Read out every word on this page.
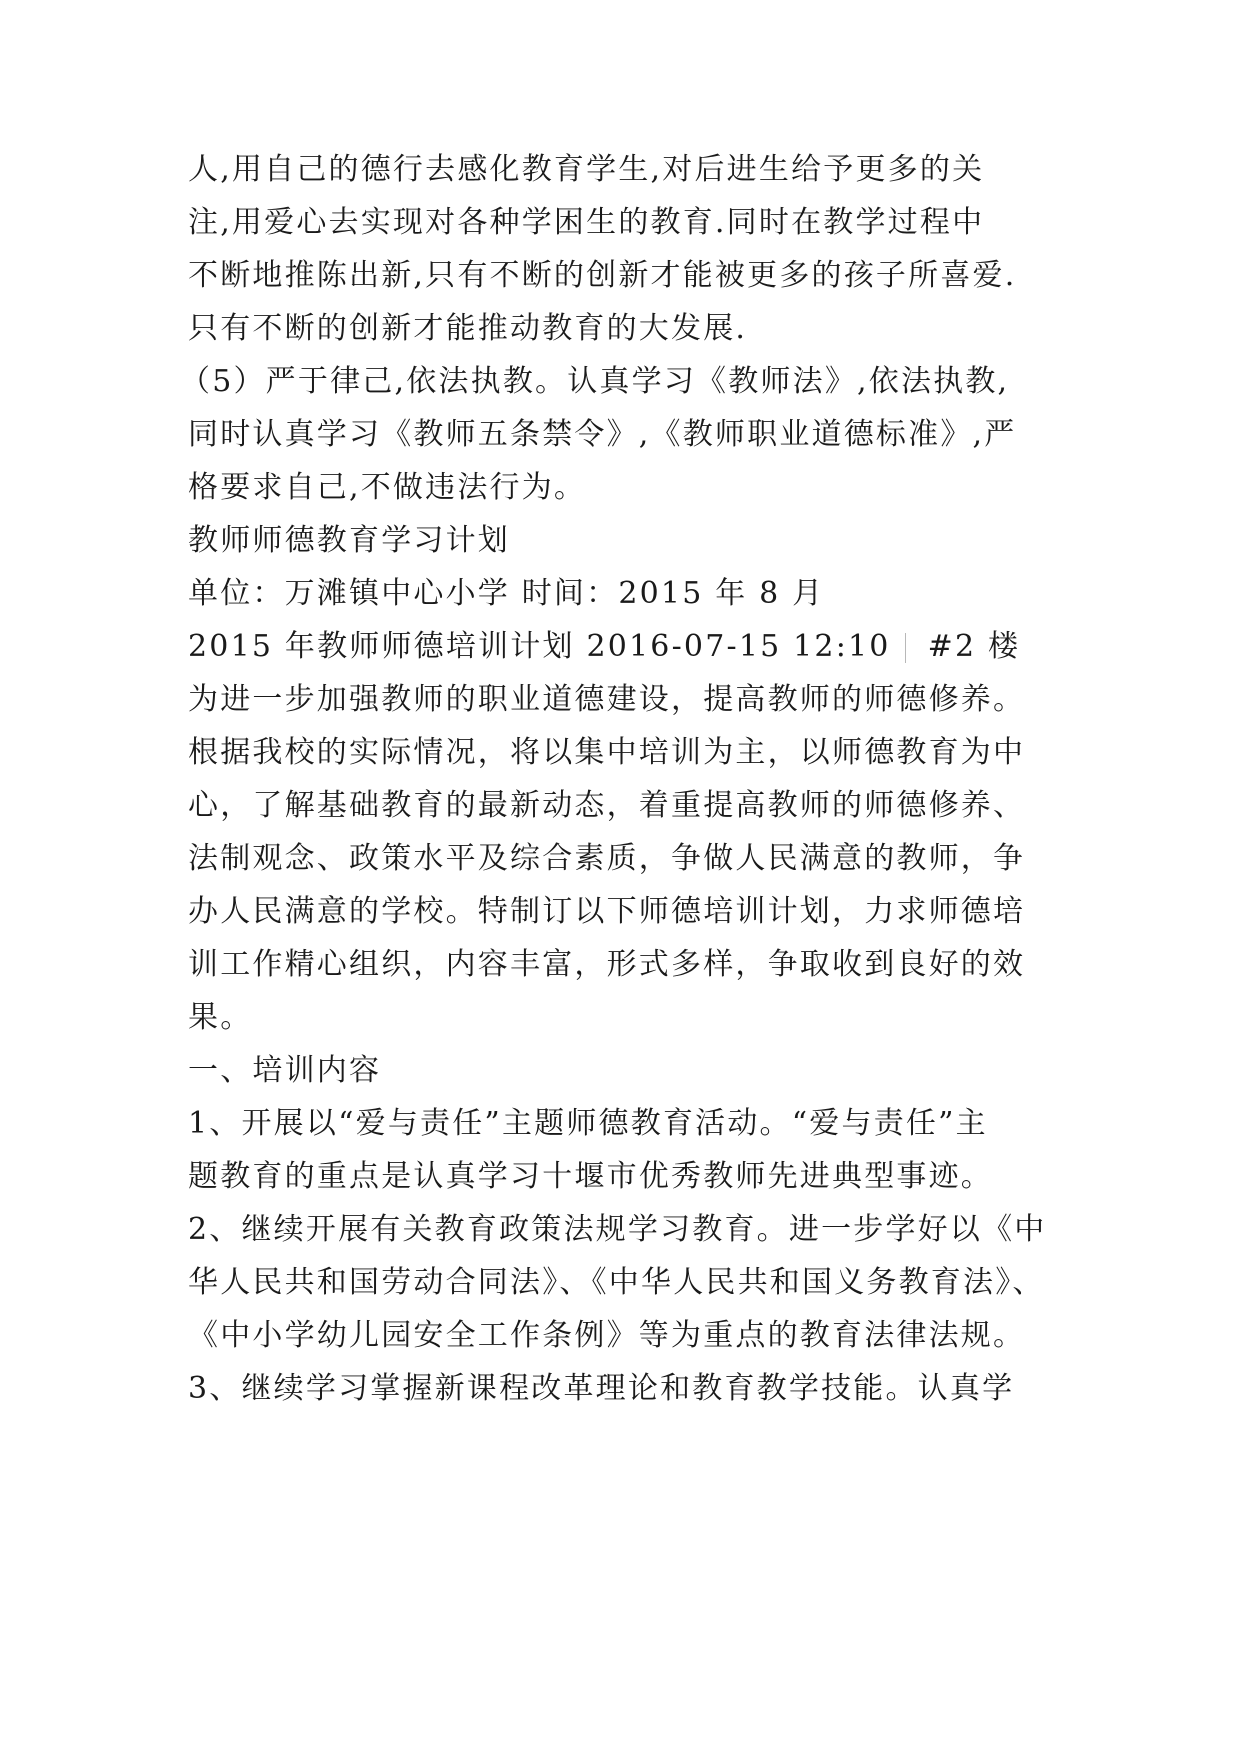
人,用自己的德行去感化教育学生,对后进生给予更多的关
注,用爱心去实现对各种学困生的教育.同时在教学过程中
不断地推陈出新,只有不断的创新才能被更多的孩子所喜爱.
只有不断的创新才能推动教育的大发展.
（5）严于律己,依法执教。认真学习《教师法》,依法执教,
同时认真学习《教师五条禁令》,《教师职业道德标准》,严
格要求自己,不做违法行为。
教师师德教育学习计划
单位：万滩镇中心小学 时间：2015 年 8 月
2015 年教师师德培训计划 2016-07-15 12:10 #2 楼
为进一步加强教师的职业道德建设，提高教师的师德修养。
根据我校的实际情况，将以集中培训为主，以师德教育为中
心，了解基础教育的最新动态，着重提高教师的师德修养、
法制观念、政策水平及综合素质，争做人民满意的教师，争
办人民满意的学校。特制订以下师德培训计划，力求师德培
训工作精心组织，内容丰富，形式多样，争取收到良好的效
果。
一、培训内容
1、开展以“爱与责任”主题师德教育活动。“爱与责任”主
题教育的重点是认真学习十堰市优秀教师先进典型事迹。
2、继续开展有关教育政策法规学习教育。进一步学好以《中
华人民共和国劳动合同法》、《中华人民共和国义务教育法》、
《中小学幼儿园安全工作条例》等为重点的教育法律法规。
3、继续学习掌握新课程改革理论和教育教学技能。认真学
